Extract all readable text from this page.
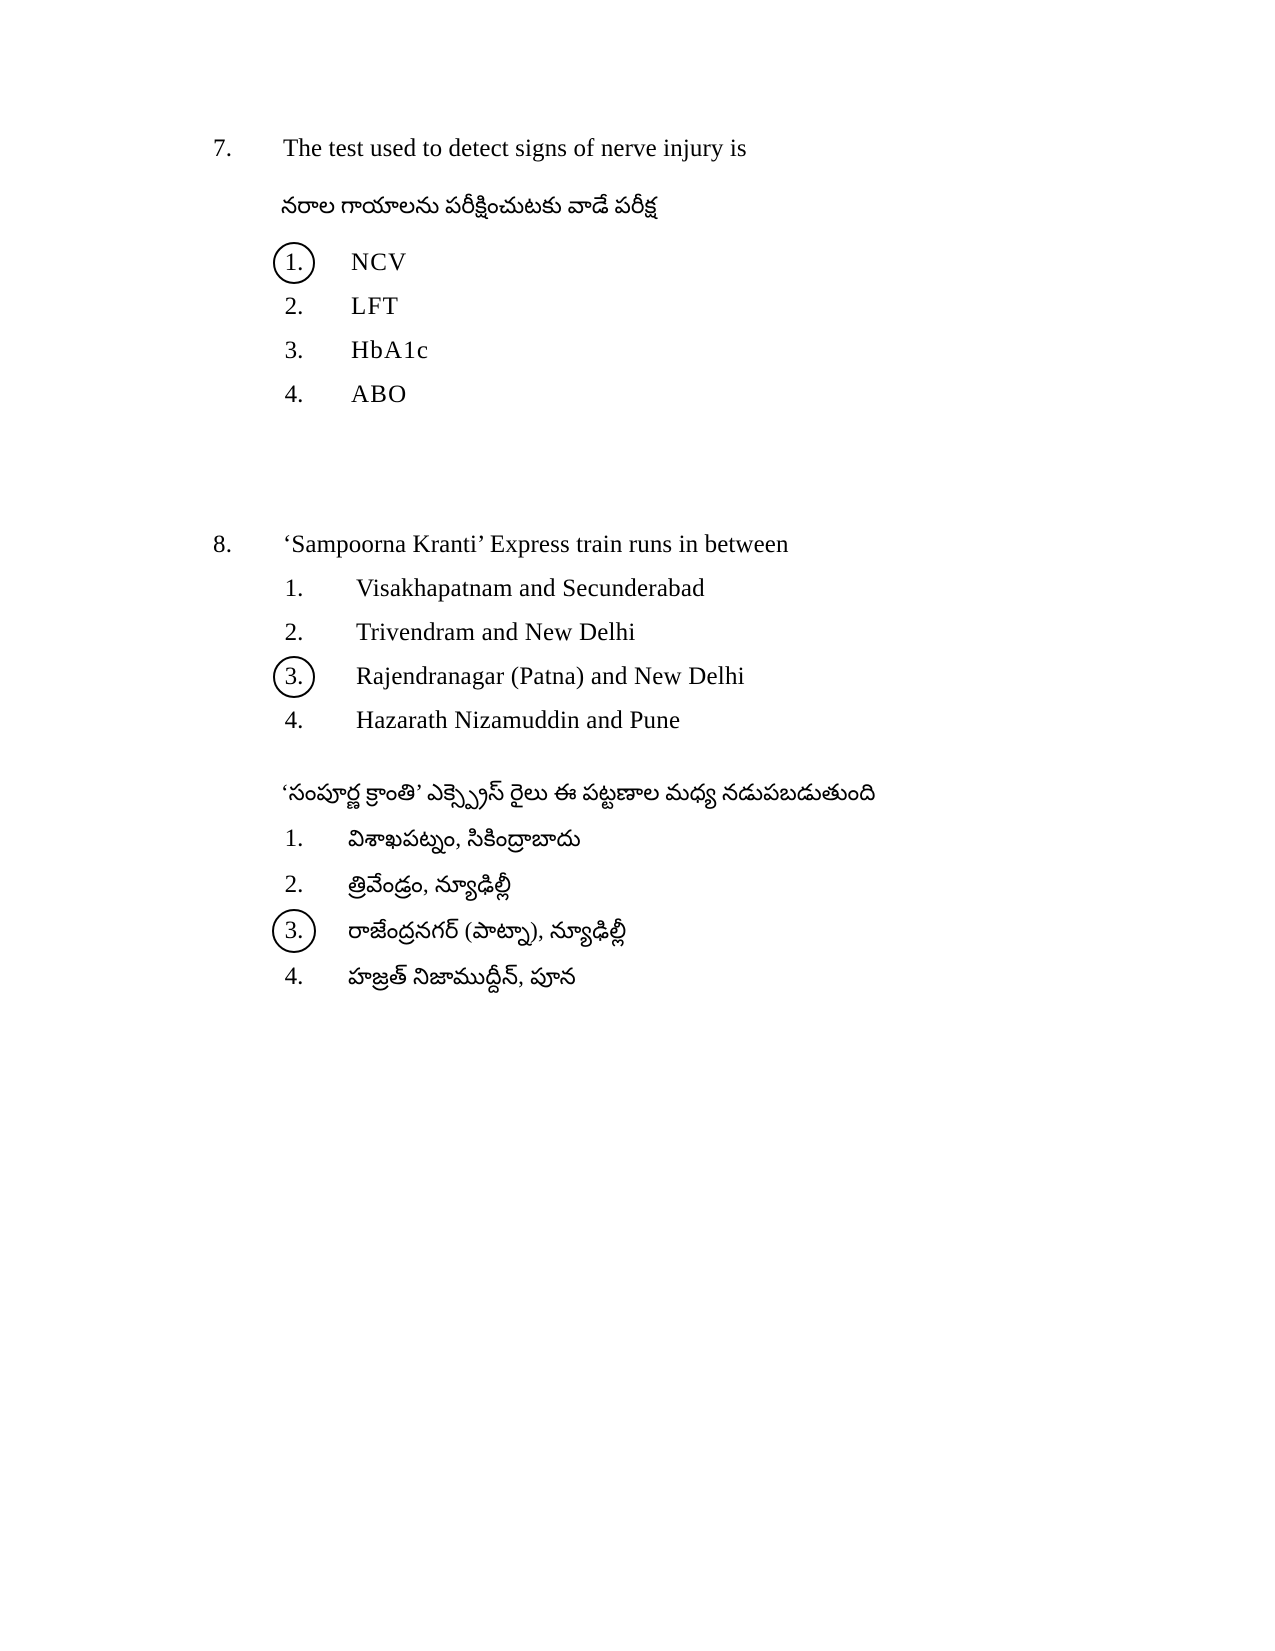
7. The test used to detect signs of nerve injury is
నరాల గాయాలను పరీక్షించుటకు వాడే పరీక్ష
1.	NCV
2.	LFT
3.	HbA1c
4.	ABO
8. ‘Sampoorna Kranti’ Express train runs in between
1.	Visakhapatnam and Secunderabad
2.	Trivendram and New Delhi
3.	Rajendranagar (Patna) and New Delhi
4.	Hazarath Nizamuddin and Pune
‘సంపూర్ణ క్రాంతి’ ఎక్స్ప్రెస్ రైలు ఈ పట్టణాల మధ్య నడుపబడుతుంది
1.	విశాఖపట్నం, సికింద్రాబాదు
2.	త్రివేండ్రం, న్యూఢిల్లీ
3.	రాజేంద్రనగర్ (పాట్నా), న్యూఢిల్లీ
4.	హజ్రత్ నిజాముద్దీన్, పూన
